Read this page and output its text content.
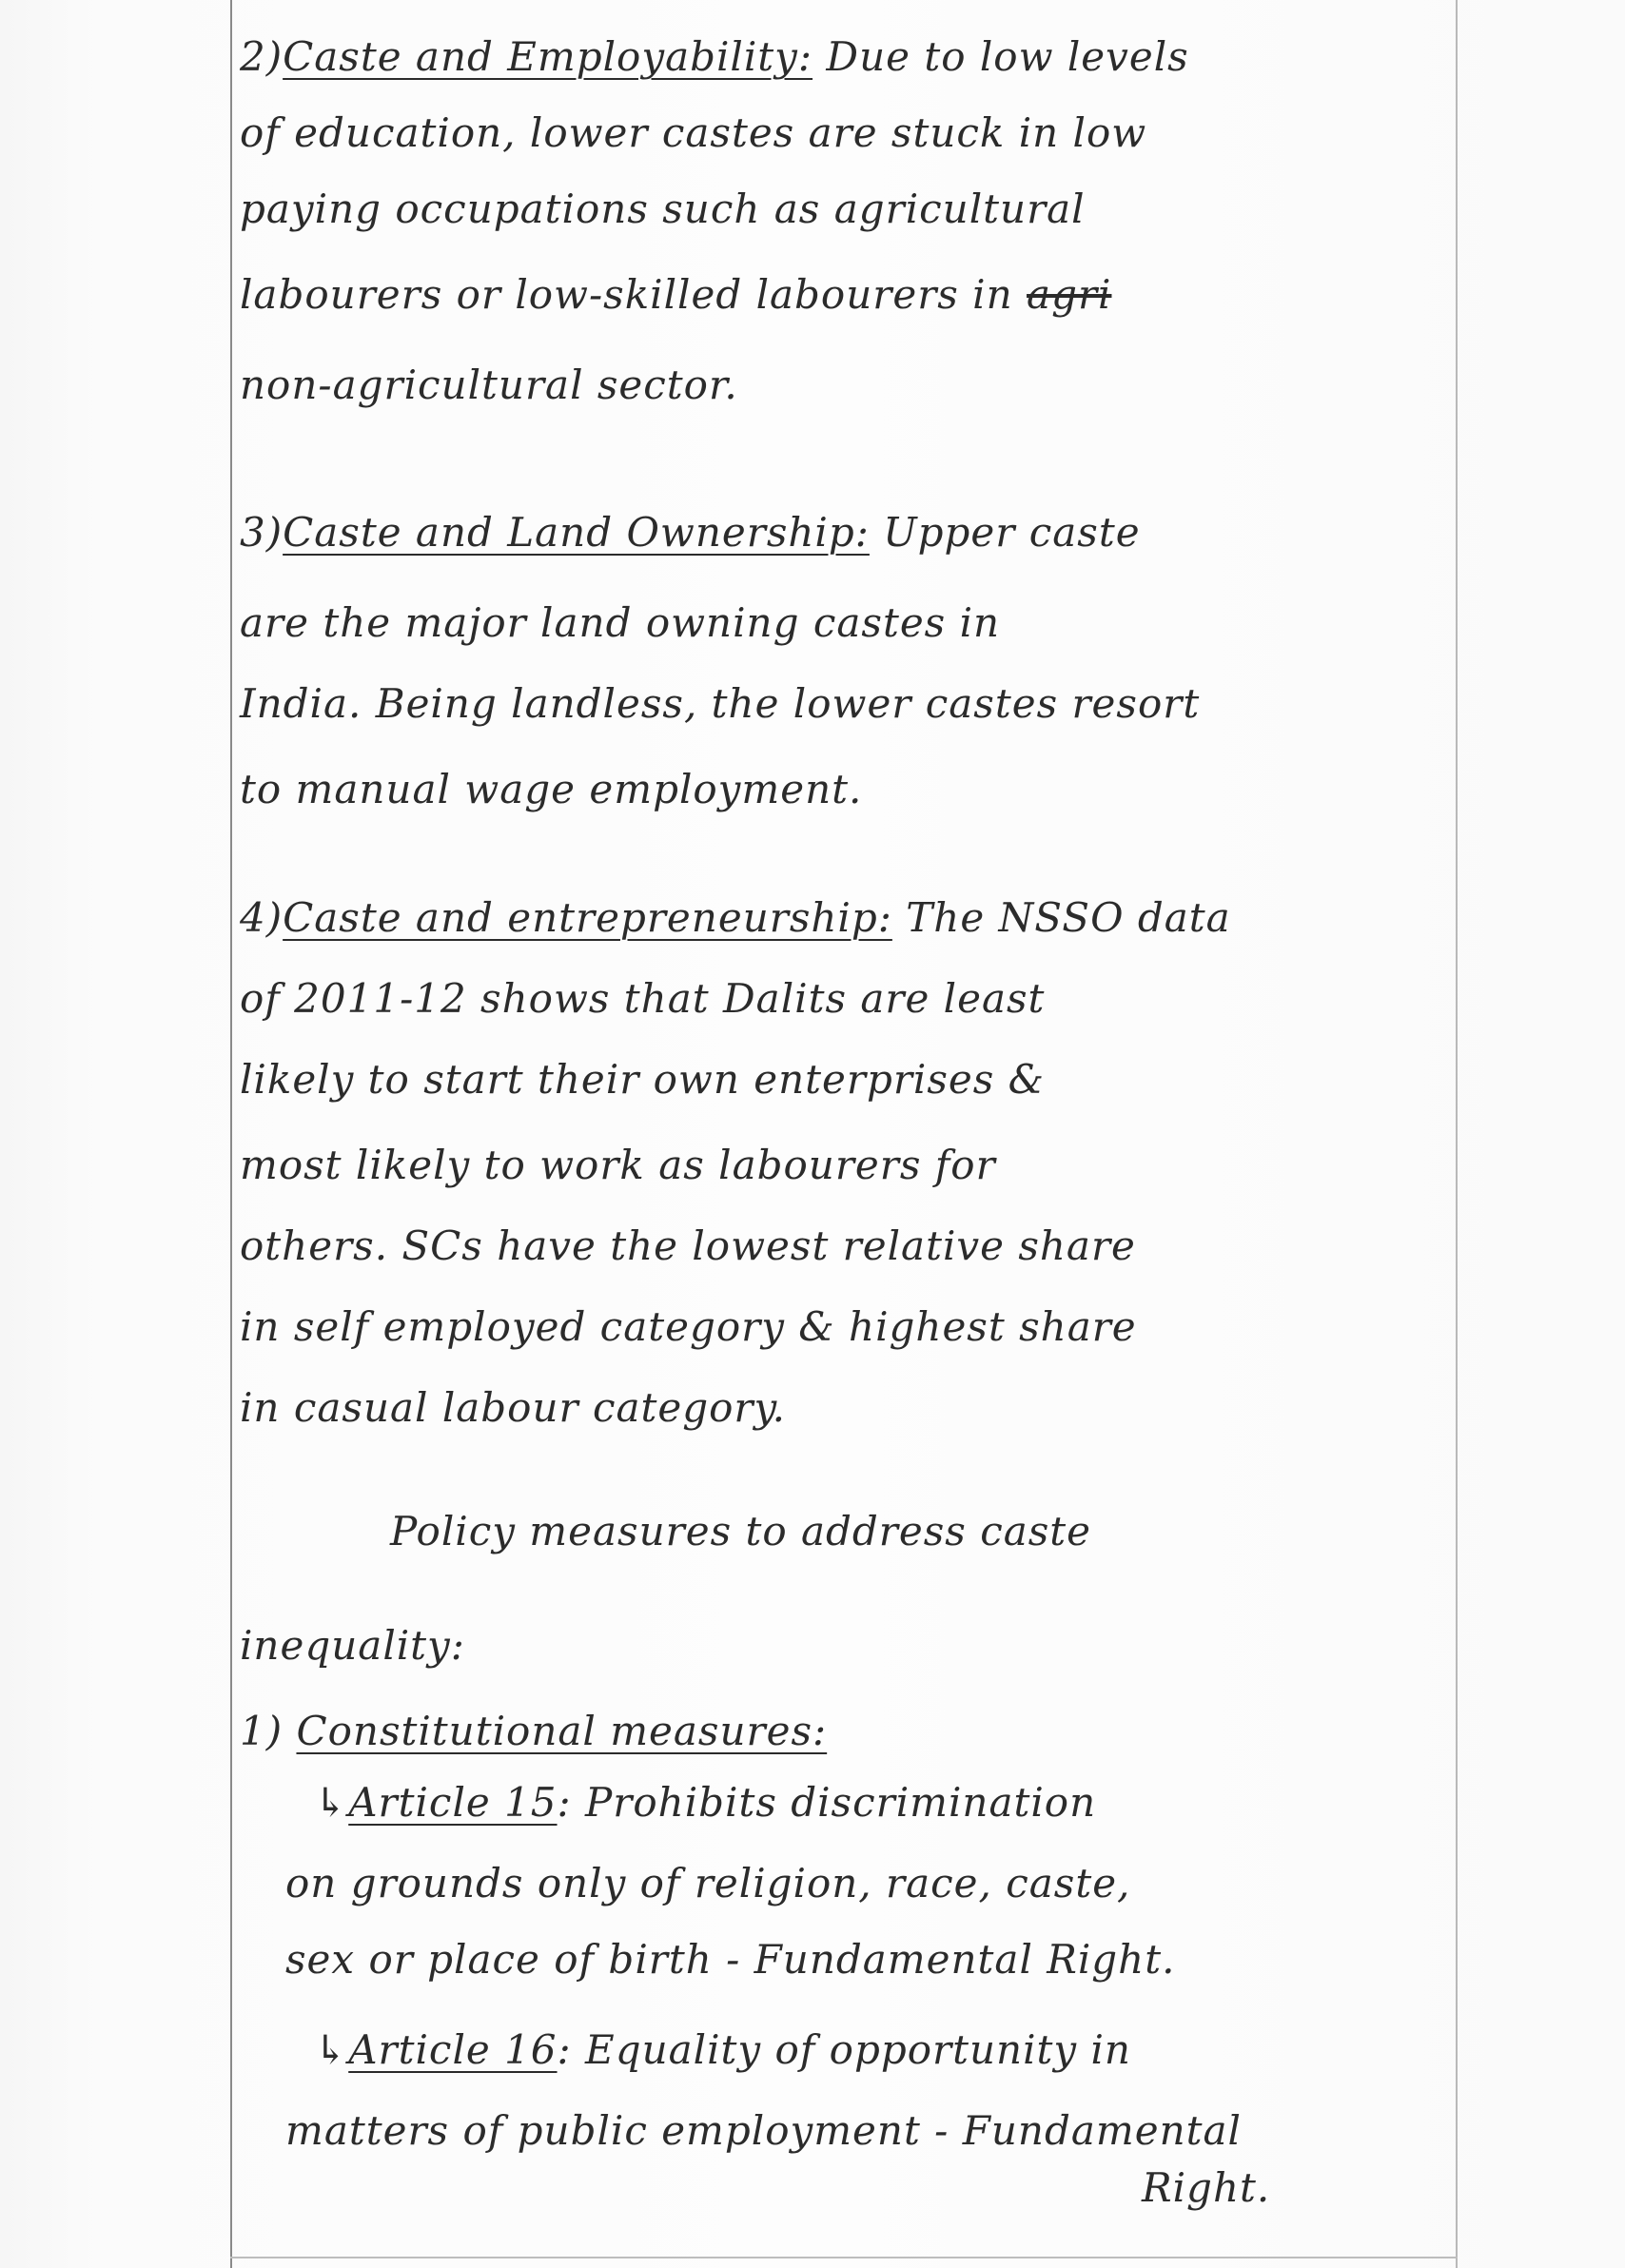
2)Caste and Employability: Due to low levels
of education, lower castes are stuck in low
paying occupations such as agricultural
labourers or low-skilled labourers in agri
non-agricultural sector.
3)Caste and Land Ownership: Upper caste
are the major land owning castes in
India. Being landless, the lower castes resort
to manual wage employment.
4)Caste and entrepreneurship: The NSSO data
of 2011-12 shows that Dalits are least
likely to start their own enterprises &
most likely to work as labourers for
others. SCs have the lowest relative share
in self employed category & highest share
in casual labour category.
Policy measures to address caste
inequality:
1) Constitutional measures:
↳Article 15: Prohibits discrimination
on grounds only of religion, race, caste,
sex or place of birth - Fundamental Right.
↳Article 16: Equality of opportunity in
matters of public employment - Fundamental
Right.
